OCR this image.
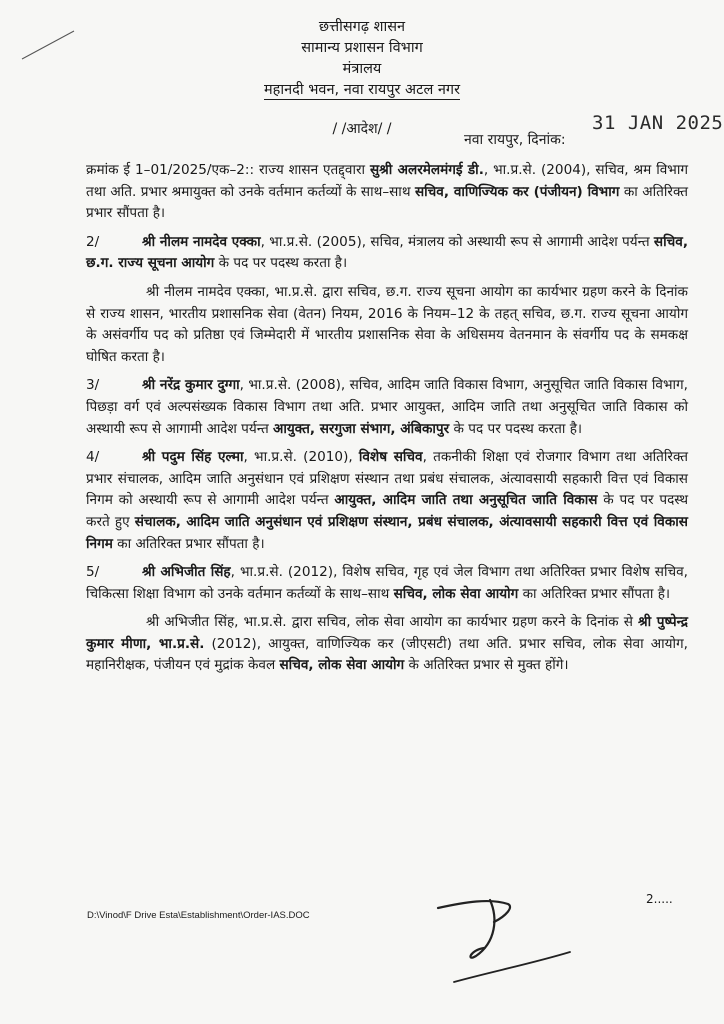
छत्तीसगढ़ शासन
सामान्य प्रशासन विभाग
मंत्रालय
महानदी भवन, नवा रायपुर अटल नगर
/ /आदेश/ /
नवा रायपुर, दिनांक:
31 JAN 2025
क्रमांक ई 1–01/2025/एक–2:: राज्य शासन एतद्द्वारा सुश्री अलरमेलमंगई डी., भा.प्र.से. (2004), सचिव, श्रम विभाग तथा अति. प्रभार श्रमायुक्त को उनके वर्तमान कर्तव्यों के साथ–साथ सचिव, वाणिज्यिक कर (पंजीयन) विभाग का अतिरिक्त प्रभार सौंपता है।
2/	श्री नीलम नामदेव एक्का, भा.प्र.से. (2005), सचिव, मंत्रालय को अस्थायी रूप से आगामी आदेश पर्यन्त सचिव, छ.ग. राज्य सूचना आयोग के पद पर पदस्थ करता है।
श्री नीलम नामदेव एक्का, भा.प्र.से. द्वारा सचिव, छ.ग. राज्य सूचना आयोग का कार्यभार ग्रहण करने के दिनांक से राज्य शासन, भारतीय प्रशासनिक सेवा (वेतन) नियम, 2016 के नियम–12 के तहत् सचिव, छ.ग. राज्य सूचना आयोग के असंवर्गीय पद को प्रतिष्ठा एवं जिम्मेदारी में भारतीय प्रशासनिक सेवा के अधिसमय वेतनमान के संवर्गीय पद के समकक्ष घोषित करता है।
3/	श्री नरेंद्र कुमार दुग्गा, भा.प्र.से. (2008), सचिव, आदिम जाति विकास विभाग, अनुसूचित जाति विकास विभाग, पिछड़ा वर्ग एवं अल्पसंख्यक विकास विभाग तथा अति. प्रभार आयुक्त, आदिम जाति तथा अनुसूचित जाति विकास को अस्थायी रूप से आगामी आदेश पर्यन्त आयुक्त, सरगुजा संभाग, अंबिकापुर के पद पर पदस्थ करता है।
4/	श्री पदुम सिंह एल्मा, भा.प्र.से. (2010), विशेष सचिव, तकनीकी शिक्षा एवं रोजगार विभाग तथा अतिरिक्त प्रभार संचालक, आदिम जाति अनुसंधान एवं प्रशिक्षण संस्थान तथा प्रबंध संचालक, अंत्यावसायी सहकारी वित्त एवं विकास निगम को अस्थायी रूप से आगामी आदेश पर्यन्त आयुक्त, आदिम जाति तथा अनुसूचित जाति विकास के पद पर पदस्थ करते हुए संचालक, आदिम जाति अनुसंधान एवं प्रशिक्षण संस्थान, प्रबंध संचालक, अंत्यावसायी सहकारी वित्त एवं विकास निगम का अतिरिक्त प्रभार सौंपता है।
5/	श्री अभिजीत सिंह, भा.प्र.से. (2012), विशेष सचिव, गृह एवं जेल विभाग तथा अतिरिक्त प्रभार विशेष सचिव, चिकित्सा शिक्षा विभाग को उनके वर्तमान कर्तव्यों के साथ–साथ सचिव, लोक सेवा आयोग का अतिरिक्त प्रभार सौंपता है।
श्री अभिजीत सिंह, भा.प्र.से. द्वारा सचिव, लोक सेवा आयोग का कार्यभार ग्रहण करने के दिनांक से श्री पुष्पेन्द्र कुमार मीणा, भा.प्र.से. (2012), आयुक्त, वाणिज्यिक कर (जीएसटी) तथा अति. प्रभार सचिव, लोक सेवा आयोग, महानिरीक्षक, पंजीयन एवं मुद्रांक केवल सचिव, लोक सेवा आयोग के अतिरिक्त प्रभार से मुक्त होंगे।
2.....
D:\Vinod\F Drive Esta\Establishment\Order-IAS.DOC
